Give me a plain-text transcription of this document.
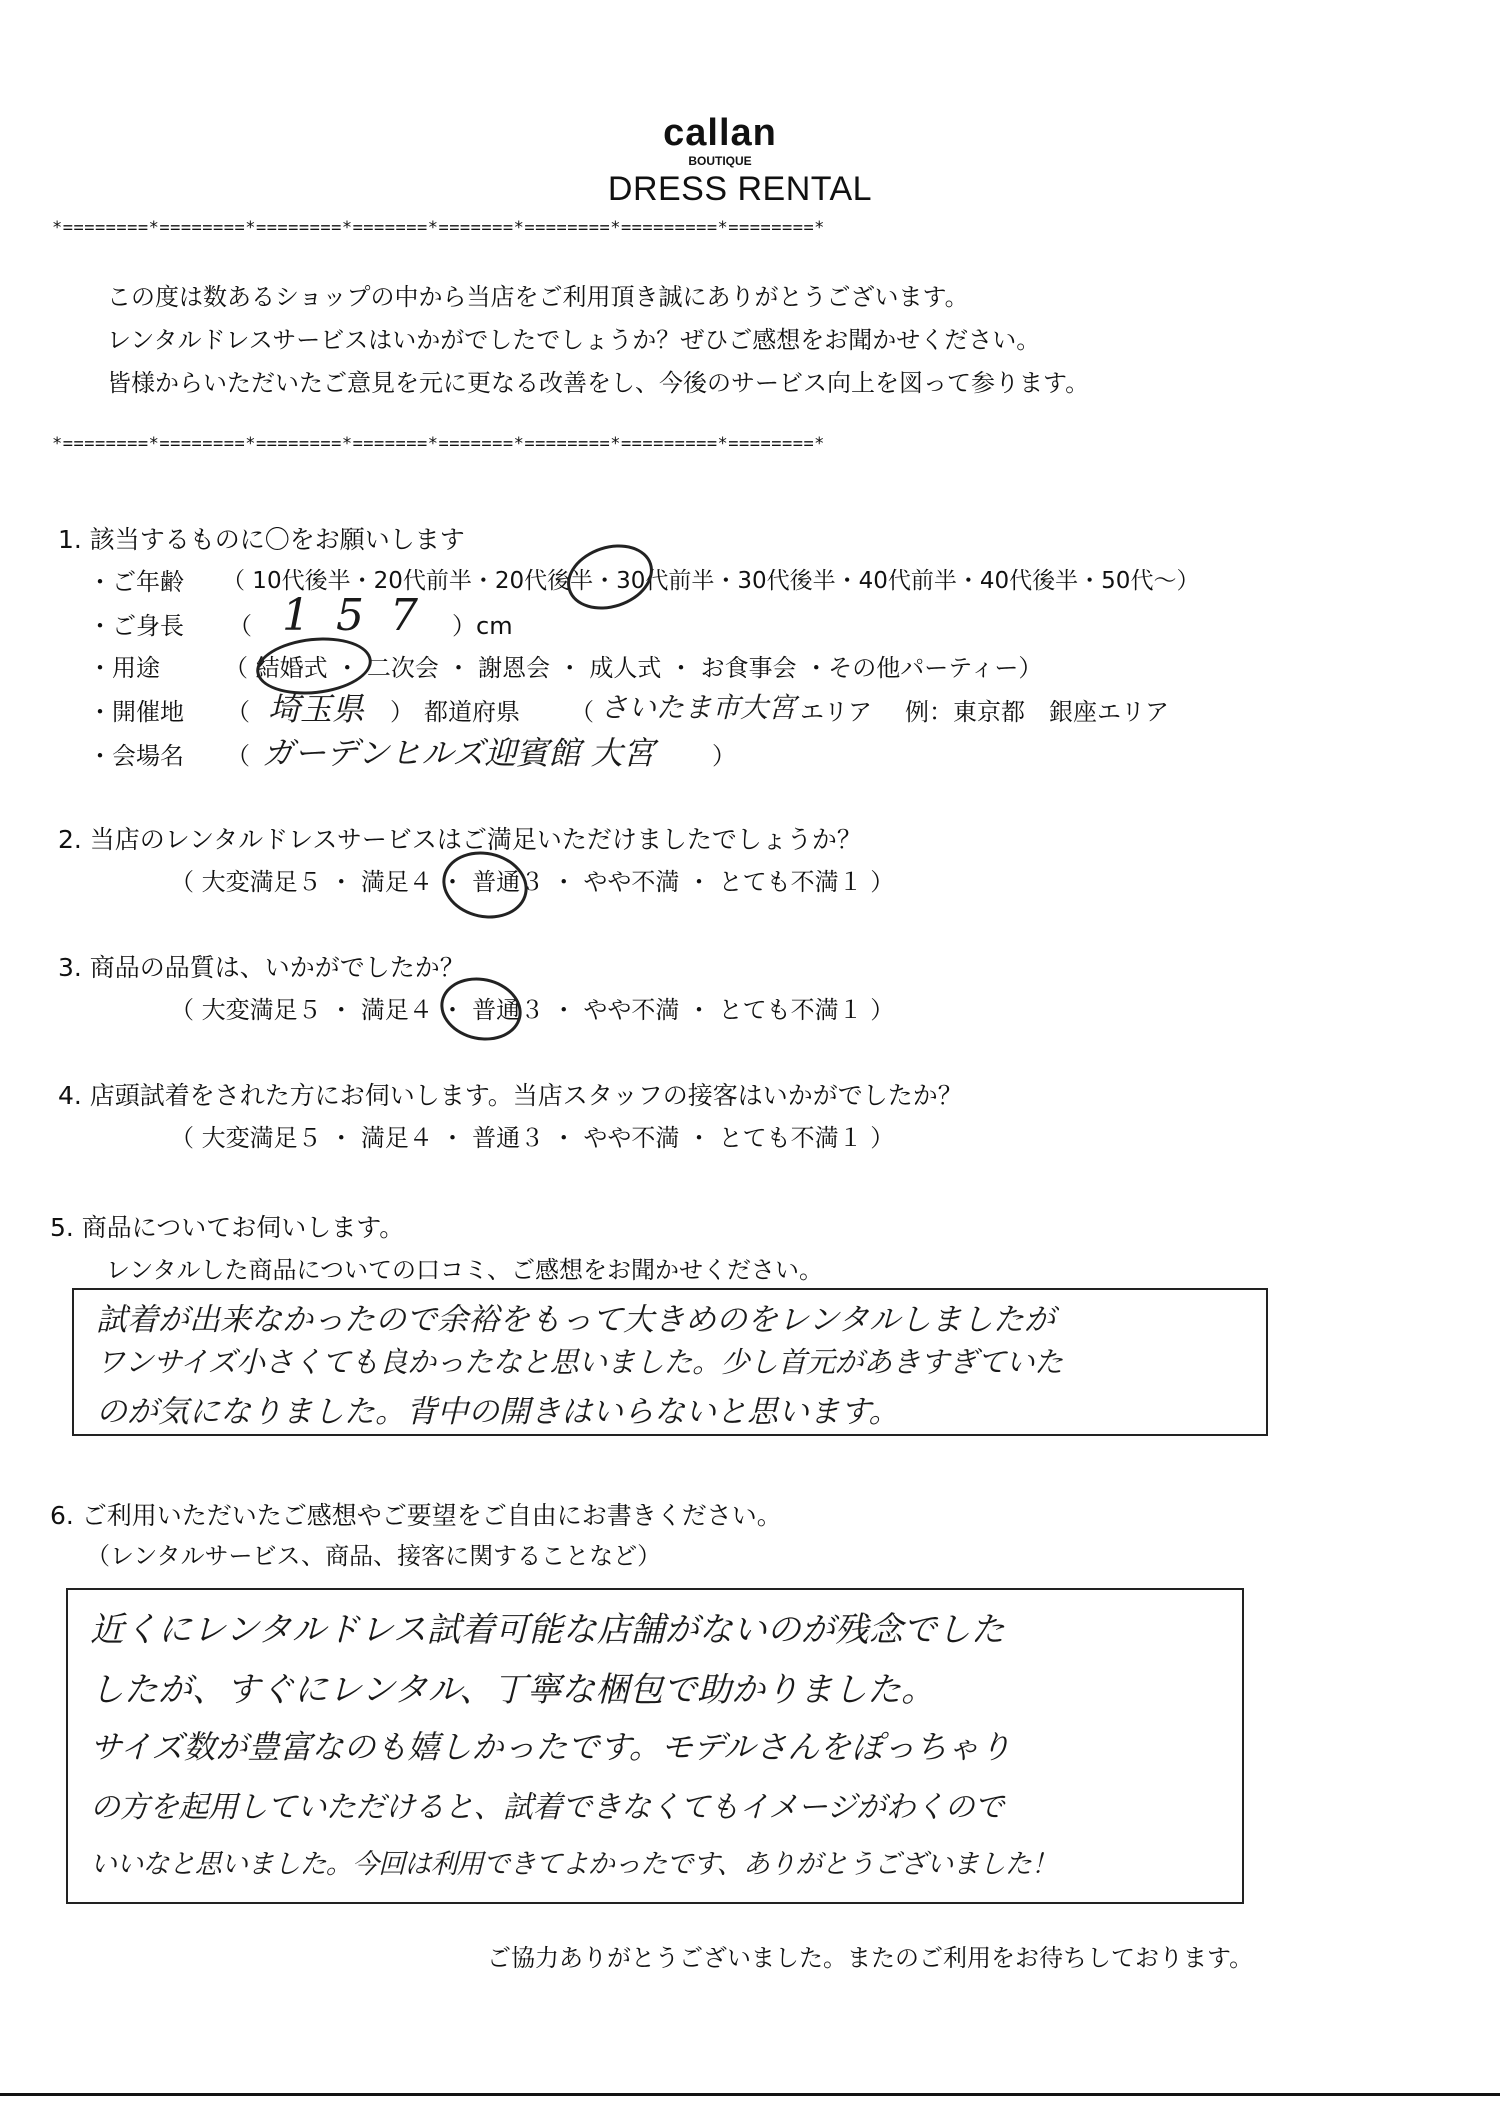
callan
BOUTIQUE
DRESS RENTAL
*========*========*========*=======*=======*========*=========*========*
この度は数あるショップの中から当店をご利用頂き誠にありがとうございます。
レンタルドレスサービスはいかがでしたでしょうか？ぜひご感想をお聞かせください。
皆様からいただいたご意見を元に更なる改善をし、今後のサービス向上を図って参ります。
*========*========*========*=======*=======*========*=========*========*
1. 該当するものに〇をお願いします
・ご年齢 （ 10代後半・20代前半・20代後半・30代前半・30代後半・40代前半・40代後半・50代～）
・ご身長 （ 157 ）cm
・用途	（ 結婚式 ・ 二次会 ・ 謝恩会 ・ 成人式 ・ お食事会 ・その他パーティー）
・開催地 （ 埼玉県 ） 都道府県 （ さいたま市大宮 エリア 例：東京都　銀座エリア
・会場名 （ ガーデンヒルズ迎賓館 大宮 ）
2. 当店のレンタルドレスサービスはご満足いただけましたでしょうか？
（ 大変満足５ ・ 満足４ ・ 普通３ ・ やや不満 ・ とても不満１ ）
3. 商品の品質は、いかがでしたか？
（ 大変満足５ ・ 満足４ ・ 普通３ ・ やや不満 ・ とても不満１ ）
4. 店頭試着をされた方にお伺いします。当店スタッフの接客はいかがでしたか？
（ 大変満足５ ・ 満足４ ・ 普通３ ・ やや不満 ・ とても不満１ ）
5. 商品についてお伺いします。
レンタルした商品についての口コミ、ご感想をお聞かせください。
試着が出来なかったので余裕をもって大きめのをレンタルしましたが
ワンサイズ小さくても良かったなと思いました。少し首元があきすぎていた
のが気になりました。背中の開きはいらないと思います。
6. ご利用いただいたご感想やご要望をご自由にお書きください。
（レンタルサービス、商品、接客に関することなど）
近くにレンタルドレス試着可能な店舗がないのが残念でした
したが、すぐにレンタル、丁寧な梱包で助かりました。
サイズ数が豊富なのも嬉しかったです。モデルさんをぽっちゃり
の方を起用していただけると、試着できなくてもイメージがわくので
いいなと思いました。今回は利用できてよかったです、ありがとうございました！
ご協力ありがとうございました。またのご利用をお待ちしております。
